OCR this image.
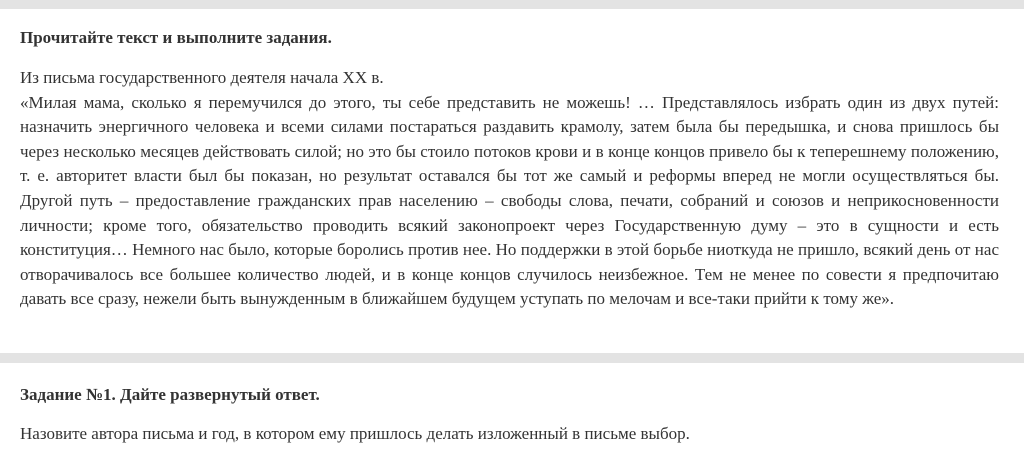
Прочитайте текст и выполните задания.

Из письма государственного деятеля начала XX в.

«Милая мама, сколько я перемучился до этого, ты себе представить не можешь! … Представлялось избрать один из двух путей: назначить энергичного человека и всеми силами постараться раздавить крамолу, затем была бы передышка, и снова пришлось бы через несколько месяцев действовать силой; но это бы стоило потоков крови и в конце концов привело бы к теперешнему положению, т. е. авторитет власти был бы показан, но результат оставался бы тот же самый и реформы вперед не могли осуществляться бы. Другой путь – предоставление гражданских прав населению – свободы слова, печати, собраний и союзов и неприкосновенности личности; кроме того, обязательство проводить всякий законопроект через Государственную думу – это в сущности и есть конституция… Немного нас было, которые боролись против нее. Но поддержки в этой борьбе ниоткуда не пришло, всякий день от нас отворачивалось все большее количество людей, и в конце концов случилось неизбежное. Тем не менее по совести я предпочитаю давать все сразу, нежели быть вынужденным в ближайшем будущем уступать по мелочам и все-таки прийти к тому же».

Задание №1. Дайте развернутый ответ.

Назовите автора письма и год, в котором ему пришлось делать изложенный в письме выбор.
